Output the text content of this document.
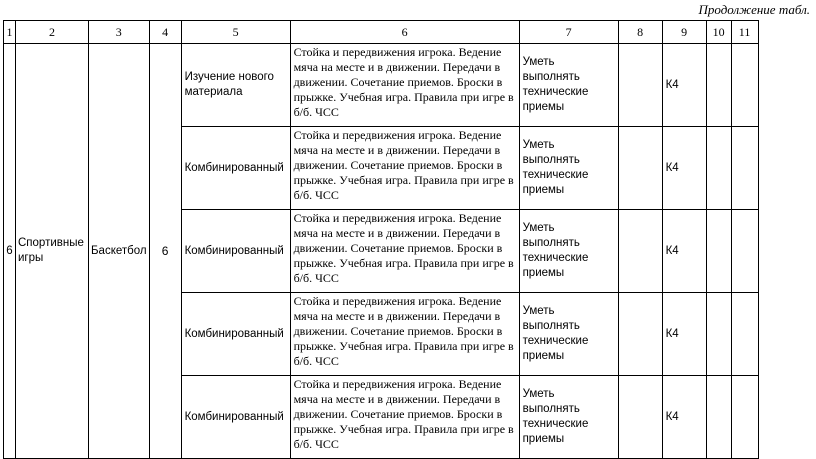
Продолжение табл.
1	2	3	4	5	6	7	8	9	10	11
6	Спортивные игры	Баскетбол	6	Изучение нового материала	Стойка и передвижения игрока. Ведение мяча на месте и в движении. Передачи в движении. Сочетание приемов. Броски в прыжке. Учебная игра. Правила при игре в б/б. ЧСС	Уметь выполнять технические приемы		К4		
				Комбинированный	Стойка и передвижения игрока. Ведение мяча на месте и в движении. Передачи в движении. Сочетание приемов. Броски в прыжке. Учебная игра. Правила при игре в б/б. ЧСС	Уметь выполнять технические приемы		К4		
				Комбинированный	Стойка и передвижения игрока. Ведение мяча на месте и в движении. Передачи в движении. Сочетание приемов. Броски в прыжке. Учебная игра. Правила при игре в б/б. ЧСС	Уметь выполнять технические приемы		К4		
				Комбинированный	Стойка и передвижения игрока. Ведение мяча на месте и в движении. Передачи в движении. Сочетание приемов. Броски в прыжке. Учебная игра. Правила при игре в б/б. ЧСС	Уметь выполнять технические приемы		К4		
				Комбинированный	Стойка и передвижения игрока. Ведение мяча на месте и в движении. Передачи в движении. Сочетание приемов. Броски в прыжке. Учебная игра. Правила при игре в б/б. ЧСС	Уметь выполнять технические приемы		К4		
